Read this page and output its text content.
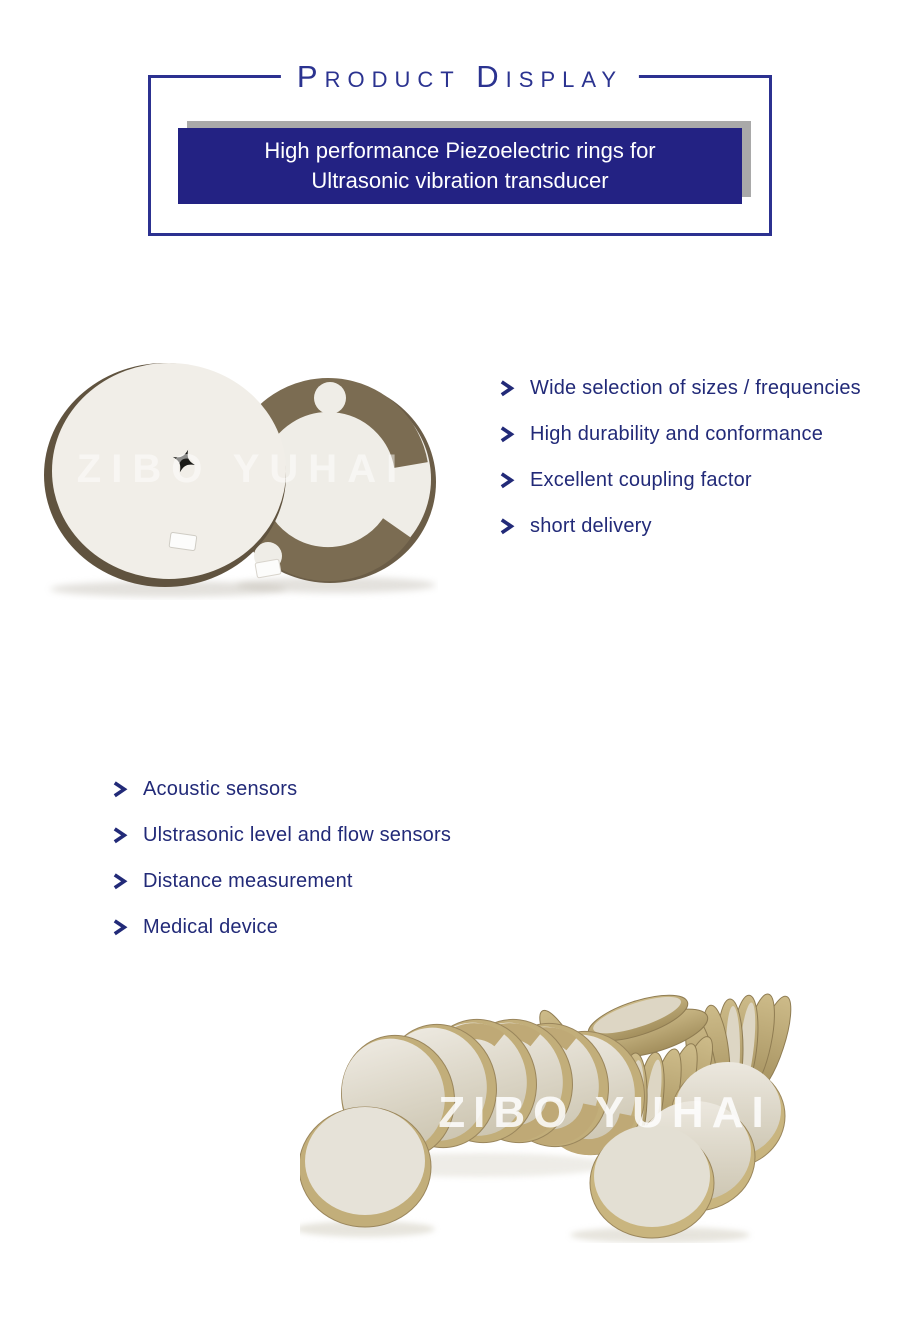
Product Display
High performance Piezoelectric rings for
Ultrasonic vibration transducer
ZIBO YUHAI
Wide selection of sizes / frequencies
High durability and conformance
Excellent coupling factor
short delivery
Acoustic sensors
Ulstrasonic level and flow sensors
Distance measurement
Medical device
ZIBO YUHAI
